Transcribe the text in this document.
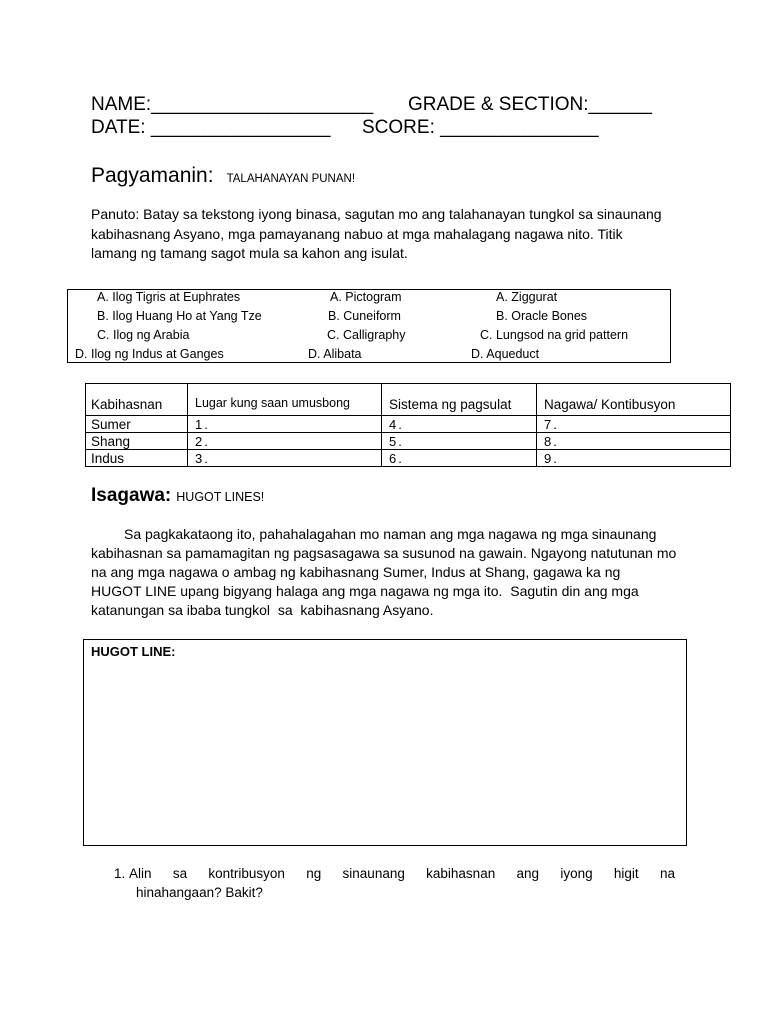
NAME:_____________________ GRADE & SECTION:______
DATE: _________________ SCORE: _______________
Pagyamanin: TALAHANAYAN PUNAN!
Panuto: Batay sa tekstong iyong binasa, sagutan mo ang talahanayan tungkol sa sinaunang
kabihasnang Asyano, mga pamayanang nabuo at mga mahalagang nagawa nito. Titik
lamang ng tamang sagot mula sa kahon ang isulat.
A. Ilog Tigris at Euphrates	A. Pictogram	A. Ziggurat
B. Ilog Huang Ho at Yang Tze	B. Cuneiform	B. Oracle Bones
C. Ilog ng Arabia	C. Calligraphy	C. Lungsod na grid pattern
D. Ilog ng Indus at Ganges	D. Alibata	D. Aqueduct
Kabihasnan	Lugar kung saan umusbong	Sistema ng pagsulat	Nagawa/ Kontibusyon
Sumer	1.	4.	7.
Shang	2.	5.	8.
Indus	3.	6.	9.
Isagawa: HUGOT LINES!
Sa pagkakataong ito, pahahalagahan mo naman ang mga nagawa ng mga sinaunang
kabihasnan sa pamamagitan ng pagsasagawa sa susunod na gawain. Ngayong natutunan mo
na ang mga nagawa o ambag ng kabihasnang Sumer, Indus at Shang, gagawa ka ng
HUGOT LINE upang bigyang halaga ang mga nagawa ng mga ito.  Sagutin din ang mga
katanungan sa ibaba tungkol  sa  kabihasnang Asyano.
HUGOT LINE:
1. Alin sa kontribusyon ng sinaunang kabihasnan ang iyong higit na
hinahangaan? Bakit?
